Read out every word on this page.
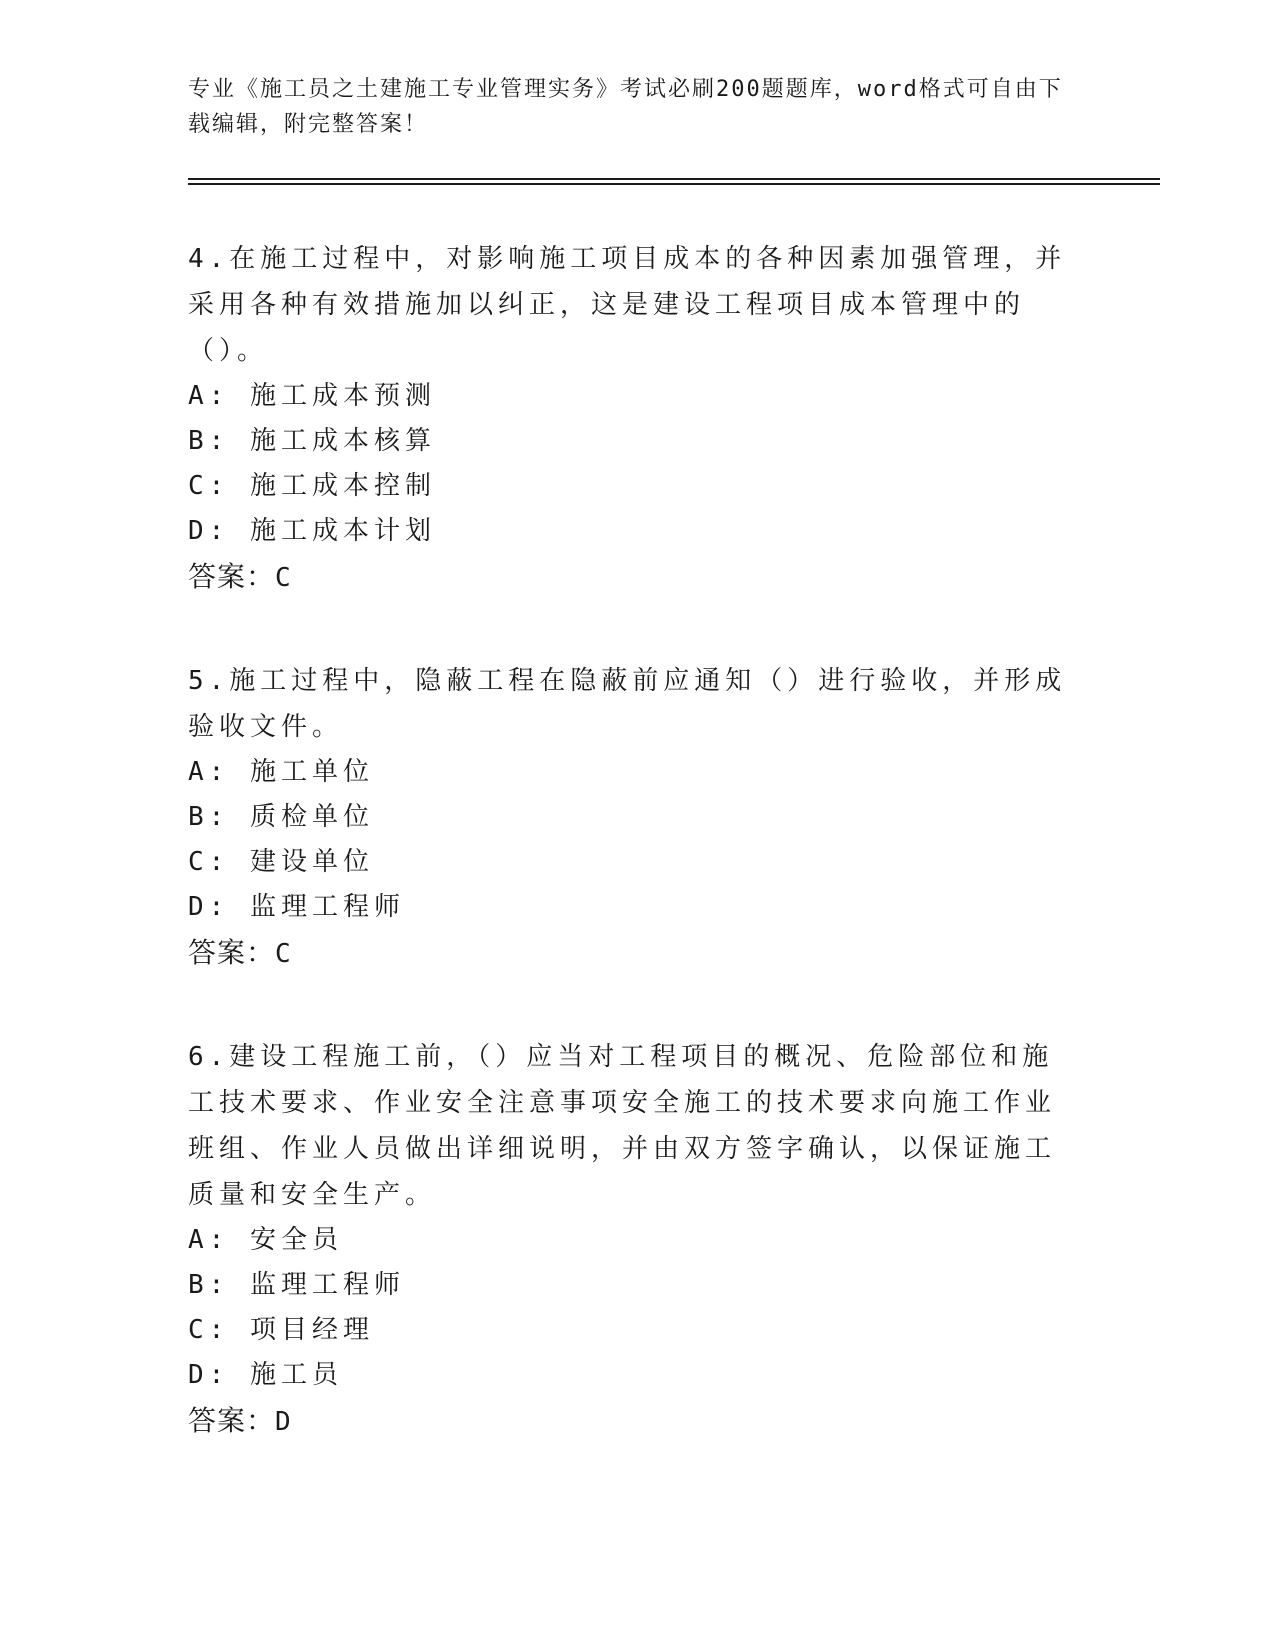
专业《施工员之土建施工专业管理实务》考试必刷200题题库，word格式可自由下载编辑，附完整答案！
4.在施工过程中，对影响施工项目成本的各种因素加强管理，并采用各种有效措施加以纠正，这是建设工程项目成本管理中的（）。
A: 施工成本预测
B: 施工成本核算
C: 施工成本控制
D: 施工成本计划
答案：C
5.施工过程中，隐蔽工程在隐蔽前应通知（）进行验收，并形成验收文件。
A: 施工单位
B: 质检单位
C: 建设单位
D: 监理工程师
答案：C
6.建设工程施工前，（）应当对工程项目的概况、危险部位和施工技术要求、作业安全注意事项安全施工的技术要求向施工作业班组、作业人员做出详细说明，并由双方签字确认，以保证施工质量和安全生产。
A: 安全员
B: 监理工程师
C: 项目经理
D: 施工员
答案：D
